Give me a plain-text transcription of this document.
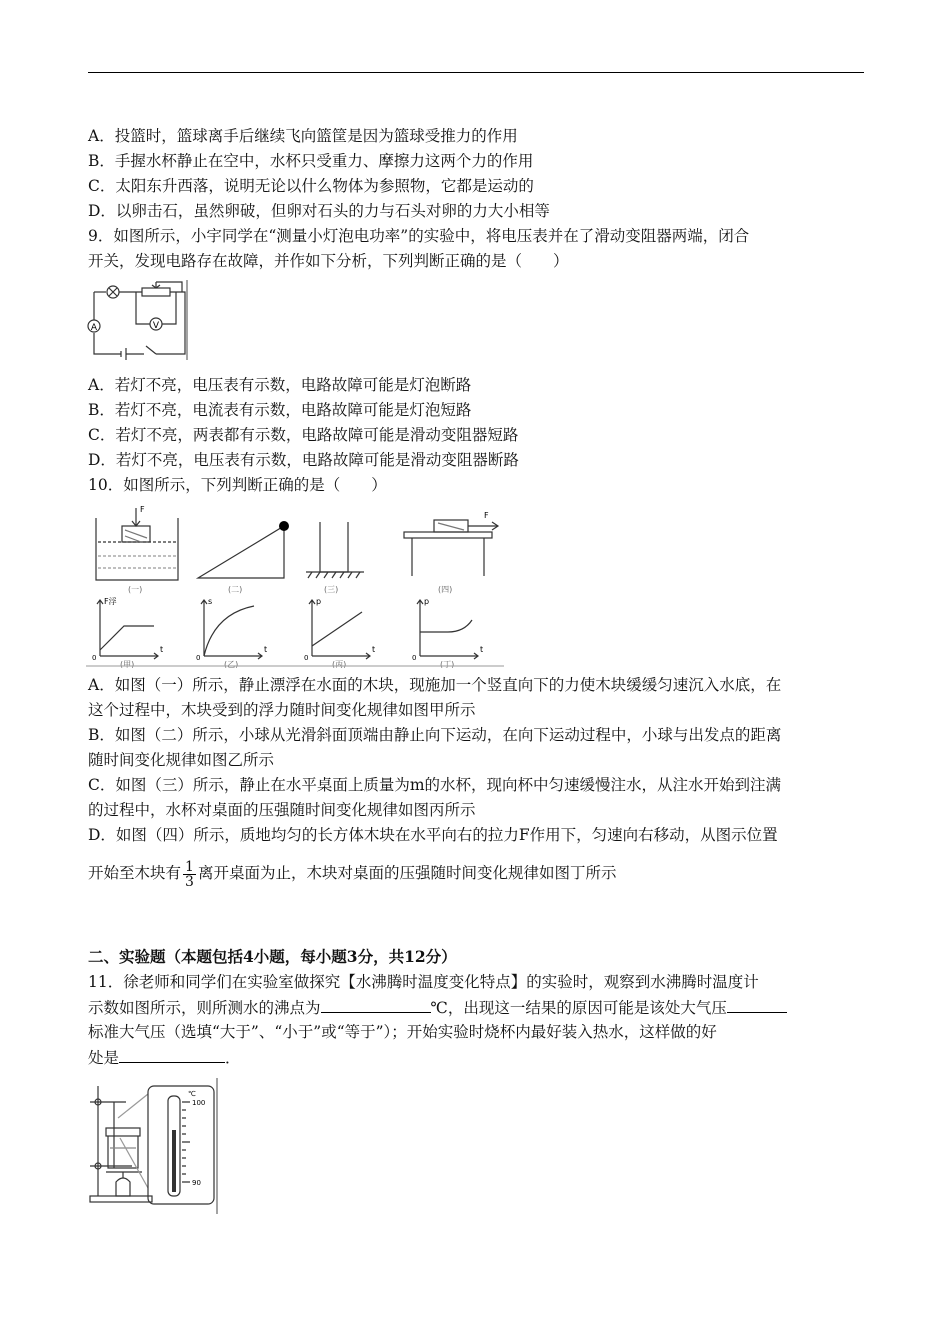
A．投篮时，篮球离手后继续飞向篮筐是因为篮球受推力的作用
B．手握水杯静止在空中，水杯只受重力、摩擦力这两个力的作用
C．太阳东升西落，说明无论以什么物体为参照物，它都是运动的
D．以卵击石，虽然卵破，但卵对石头的力与石头对卵的力大小相等
9．如图所示，小宇同学在“测量小灯泡电功率”的实验中，将电压表并在了滑动变阻器两端，闭合
开关，发现电路存在故障，并作如下分析，下列判断正确的是（　　）
A	V
A．若灯不亮，电压表有示数，电路故障可能是灯泡断路
B．若灯不亮，电流表有示数，电路故障可能是灯泡短路
C．若灯不亮，两表都有示数，电路故障可能是滑动变阻器短路
D．若灯不亮，电压表有示数，电路故障可能是滑动变阻器断路
10．如图所示，下列判断正确的是（　　）
F
F
(一)	(二)	(三)	(四)
F浮	s	p	p
t	t	t	t
0	0	0	0
(甲)	(乙)	(丙)	(丁)
A．如图（一）所示，静止漂浮在水面的木块，现施加一个竖直向下的力使木块缓缓匀速沉入水底，在
这个过程中，木块受到的浮力随时间变化规律如图甲所示
B．如图（二）所示，小球从光滑斜面顶端由静止向下运动，在向下运动过程中，小球与出发点的距离
随时间变化规律如图乙所示
C．如图（三）所示，静止在水平桌面上质量为m的水杯，现向杯中匀速缓慢注水，从注水开始到注满
的过程中，水杯对桌面的压强随时间变化规律如图丙所示
D．如图（四）所示，质地均匀的长方体木块在水平向右的拉力F作用下，匀速向右移动，从图示位置
开始至木块有 $\frac{1}{3}$ 离开桌面为止，木块对桌面的压强随时间变化规律如图丁所示
二、实验题（本题包括4小题，每小题3分，共12分）
11．徐老师和同学们在实验室做探究【水沸腾时温度变化特点】的实验时，观察到水沸腾时温度计
示数如图所示，则所测水的沸点为	℃，出现这一结果的原因可能是该处大气压
标准大气压（选填“大于”、“小于”或“等于”）；开始实验时烧杯内最好装入热水，这样做的好
处是	．
℃
100
90
